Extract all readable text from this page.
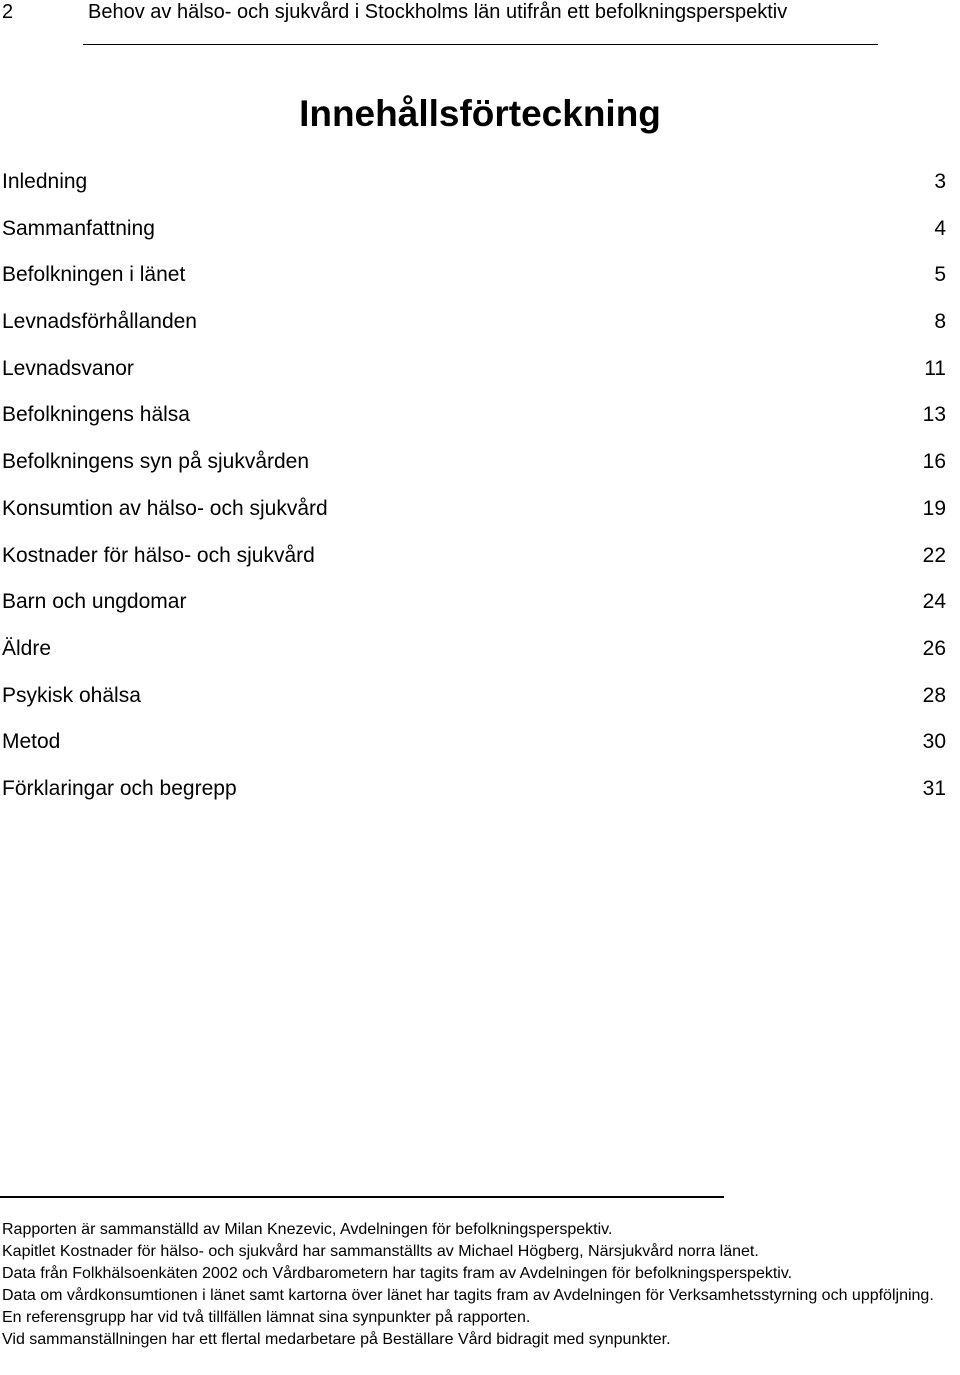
2	Behov av hälso- och sjukvård i Stockholms län utifrån ett befolkningsperspektiv
Innehållsförteckning
Inledning	3
Sammanfattning	4
Befolkningen i länet	5
Levnadsförhållanden	8
Levnadsvanor	11
Befolkningens hälsa	13
Befolkningens syn på sjukvården	16
Konsumtion av hälso- och sjukvård	19
Kostnader för hälso- och sjukvård	22
Barn och ungdomar	24
Äldre	26
Psykisk ohälsa	28
Metod	30
Förklaringar och begrepp	31

Rapporten är sammanställd av Milan Knezevic, Avdelningen för befolkningsperspektiv.

Kapitlet Kostnader för hälso- och sjukvård har sammanställts av Michael Högberg, Närsjukvård norra länet.

Data från Folkhälsoenkäten 2002 och Vårdbarometern har tagits fram av Avdelningen för befolkningsperspektiv.

Data om vårdkonsumtionen i länet samt kartorna över länet har tagits fram av Avdelningen för Verksamhetsstyrning och uppföljning.

En referensgrupp har vid två tillfällen lämnat sina synpunkter på rapporten.

Vid sammanställningen har ett flertal medarbetare på Beställare Vård bidragit med synpunkter.
